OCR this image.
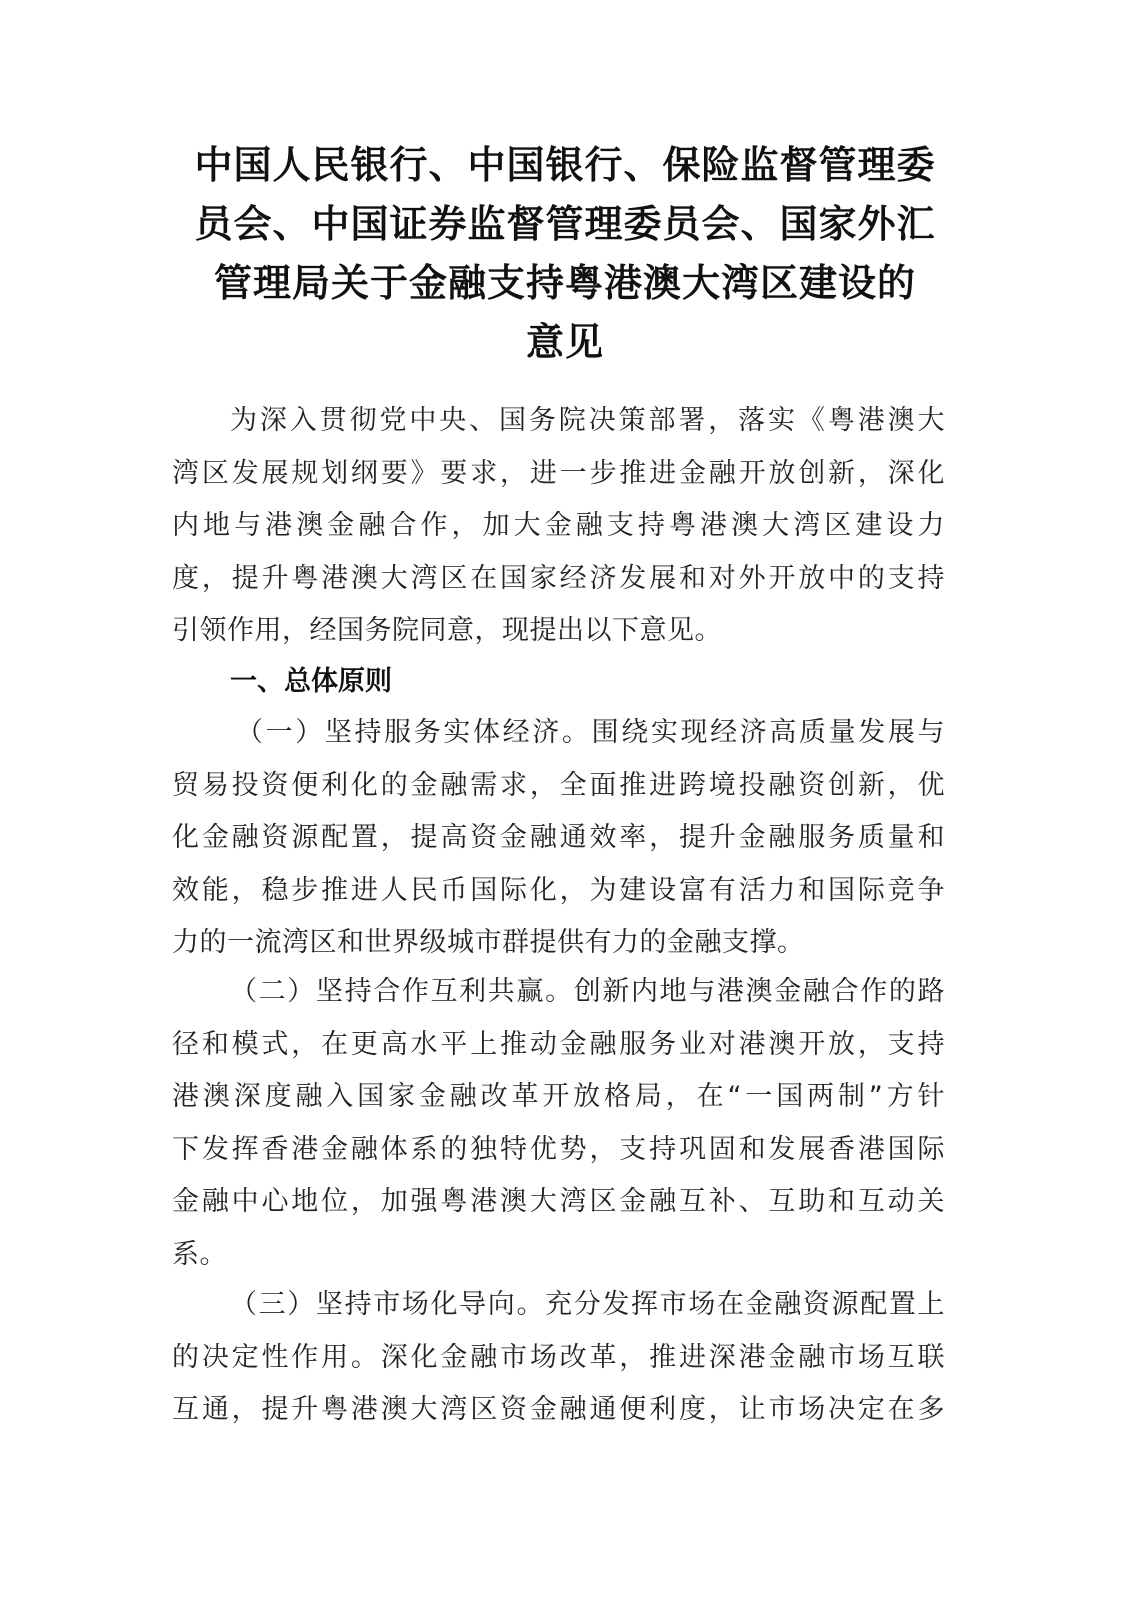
中国人民银行、中国银行、保险监督管理委
员会、中国证券监督管理委员会、国家外汇
管理局关于金融支持粤港澳大湾区建设的
意见

为深入贯彻党中央、国务院决策部署，落实《粤港澳大
湾区发展规划纲要》要求，进一步推进金融开放创新，深化
内地与港澳金融合作，加大金融支持粤港澳大湾区建设力
度，提升粤港澳大湾区在国家经济发展和对外开放中的支持
引领作用，经国务院同意，现提出以下意见。

一、总体原则

（一）坚持服务实体经济。围绕实现经济高质量发展与
贸易投资便利化的金融需求，全面推进跨境投融资创新，优
化金融资源配置，提高资金融通效率，提升金融服务质量和
效能，稳步推进人民币国际化，为建设富有活力和国际竞争
力的一流湾区和世界级城市群提供有力的金融支撑。

（二）坚持合作互利共赢。创新内地与港澳金融合作的路
径和模式，在更高水平上推动金融服务业对港澳开放，支持
港澳深度融入国家金融改革开放格局，在“一国两制”方针
下发挥香港金融体系的独特优势，支持巩固和发展香港国际
金融中心地位，加强粤港澳大湾区金融互补、互助和互动关
系。

（三）坚持市场化导向。充分发挥市场在金融资源配置上
的决定性作用。深化金融市场改革，推进深港金融市场互联
互通，提升粤港澳大湾区资金融通便利度，让市场决定在多
